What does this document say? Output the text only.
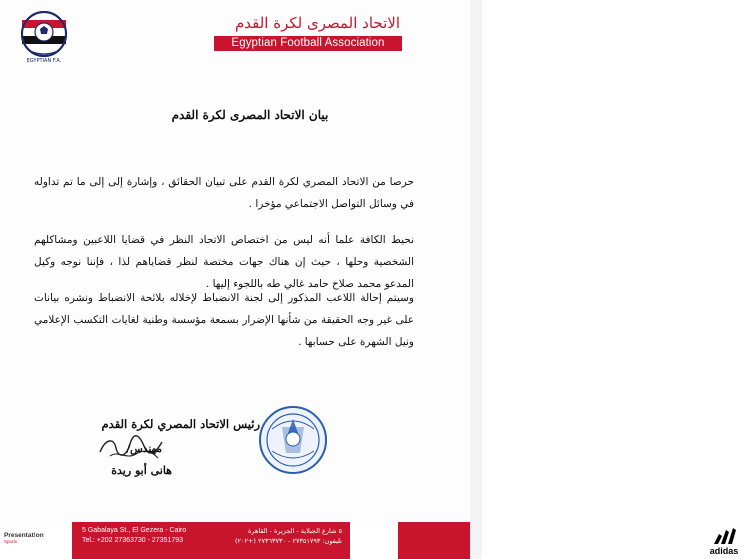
EGYPTIAN F.A.
الاتحاد المصرى لكرة القدم
Egyptian Football Association
بيان الاتحاد المصرى لكرة القدم
حرصا من الاتحاد المصري لكرة القدم على تبيان الحقائق ، وإشارة إلى إلى ما تم تداوله في وسائل التواصل الاجتماعي مؤخرا .
نحيط الكافة علما أنه ليس من اختصاص الاتحاد النظر في قضايا اللاعبين ومشاكلهم الشخصية وحلها ، حيث إن هناك جهات مختصة لنظر قضاياهم لذا ، فإننا نوجه وكيل المدعو محمد صلاح حامد غالي طه باللجوء إليها .
وسيتم إحالة اللاعب المذكور إلى لجنة الانضباط لإخلاله بلائحة الانضباط ونشره بيانات على غير وجه الحقيقة من شأنها الإضرار بسمعة مؤسسة وطنية لغايات التكسب الإعلامي ونيل الشهرة على حسابها .
رئيس الاتحاد المصري لكرة القدم
مهندس/
هانى أبو ريدة
Presentat!on
Sports
5 Gabalaya St., El Gezera - Cairo
Tel.: +202 27363730 - 27351793
٥ شارع الجبلاية - الجزيرة - القاهرة
تليفون: ٢٧٣٥١٧٩٣ - ٢٧٣٦٣٧٣٠ (+٢٠٢)
adidas
